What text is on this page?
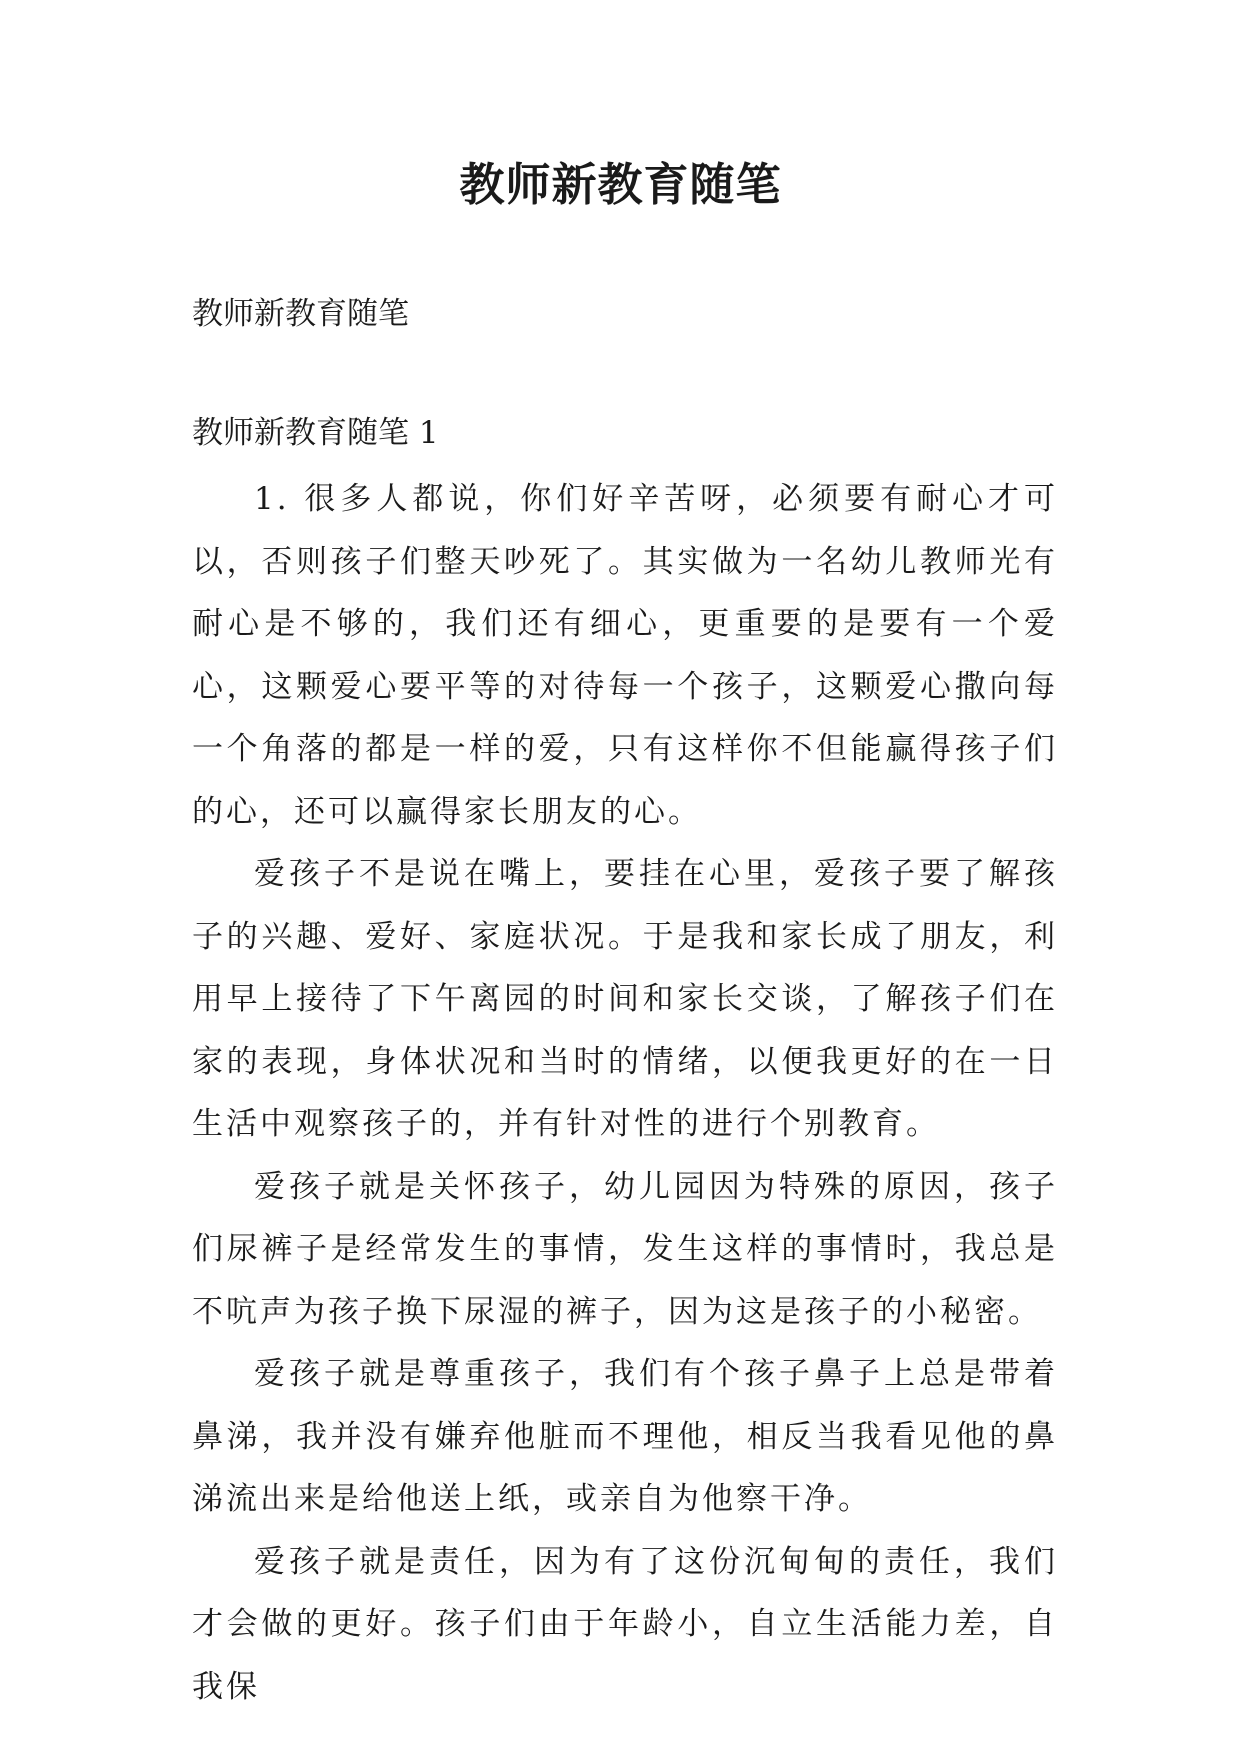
教师新教育随笔
教师新教育随笔
教师新教育随笔 1

1. 很多人都说，你们好辛苦呀，必须要有耐心才可以，否则孩子们整天吵死了。其实做为一名幼儿教师光有耐心是不够的，我们还有细心，更重要的是要有一个爱心，这颗爱心要平等的对待每一个孩子，这颗爱心撒向每一个角落的都是一样的爱，只有这样你不但能赢得孩子们的心，还可以赢得家长朋友的心。

爱孩子不是说在嘴上，要挂在心里，爱孩子要了解孩子的兴趣、爱好、家庭状况。于是我和家长成了朋友，利用早上接待了下午离园的时间和家长交谈，了解孩子们在家的表现，身体状况和当时的情绪，以便我更好的在一日生活中观察孩子的，并有针对性的进行个别教育。

爱孩子就是关怀孩子，幼儿园因为特殊的原因，孩子们尿裤子是经常发生的事情，发生这样的事情时，我总是不吭声为孩子换下尿湿的裤子，因为这是孩子的小秘密。

爱孩子就是尊重孩子，我们有个孩子鼻子上总是带着鼻涕，我并没有嫌弃他脏而不理他，相反当我看见他的鼻涕流出来是给他送上纸，或亲自为他察干净。

爱孩子就是责任，因为有了这份沉甸甸的责任，我们才会做的更好。孩子们由于年龄小，自立生活能力差，自我保
